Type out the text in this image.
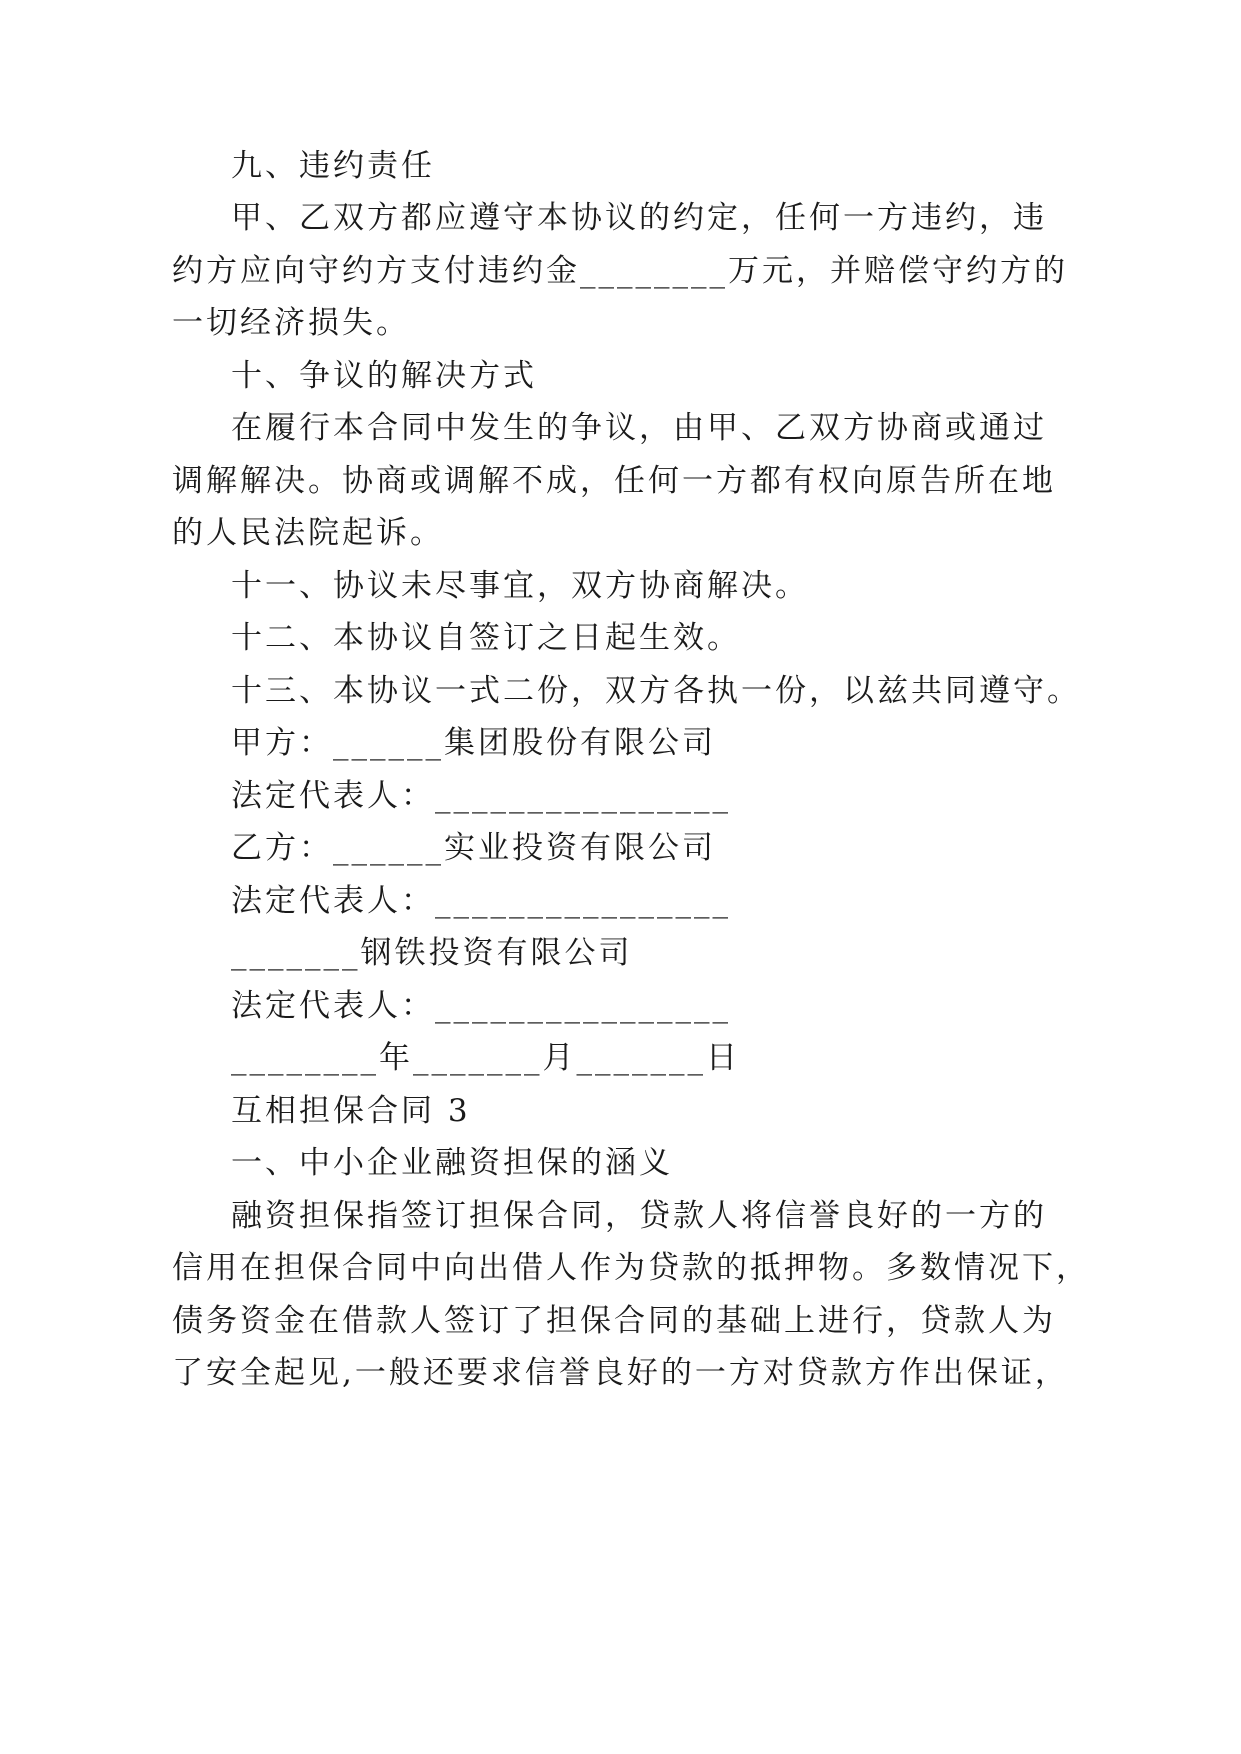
九、违约责任
甲、乙双方都应遵守本协议的约定，任何一方违约，违
约方应向守约方支付违约金________万元，并赔偿守约方的
一切经济损失。
十、争议的解决方式
在履行本合同中发生的争议，由甲、乙双方协商或通过
调解解决。协商或调解不成，任何一方都有权向原告所在地
的人民法院起诉。
十一、协议未尽事宜，双方协商解决。
十二、本协议自签订之日起生效。
十三、本协议一式二份，双方各执一份，以兹共同遵守。
甲方：______集团股份有限公司
法定代表人：________________
乙方：______实业投资有限公司
法定代表人：________________
_______钢铁投资有限公司
法定代表人：________________
________年_______月_______日
互相担保合同 3
一、中小企业融资担保的涵义
融资担保指签订担保合同，贷款人将信誉良好的一方的
信用在担保合同中向出借人作为贷款的抵押物。多数情况下，
债务资金在借款人签订了担保合同的基础上进行，贷款人为
了安全起见,一般还要求信誉良好的一方对贷款方作出保证，
